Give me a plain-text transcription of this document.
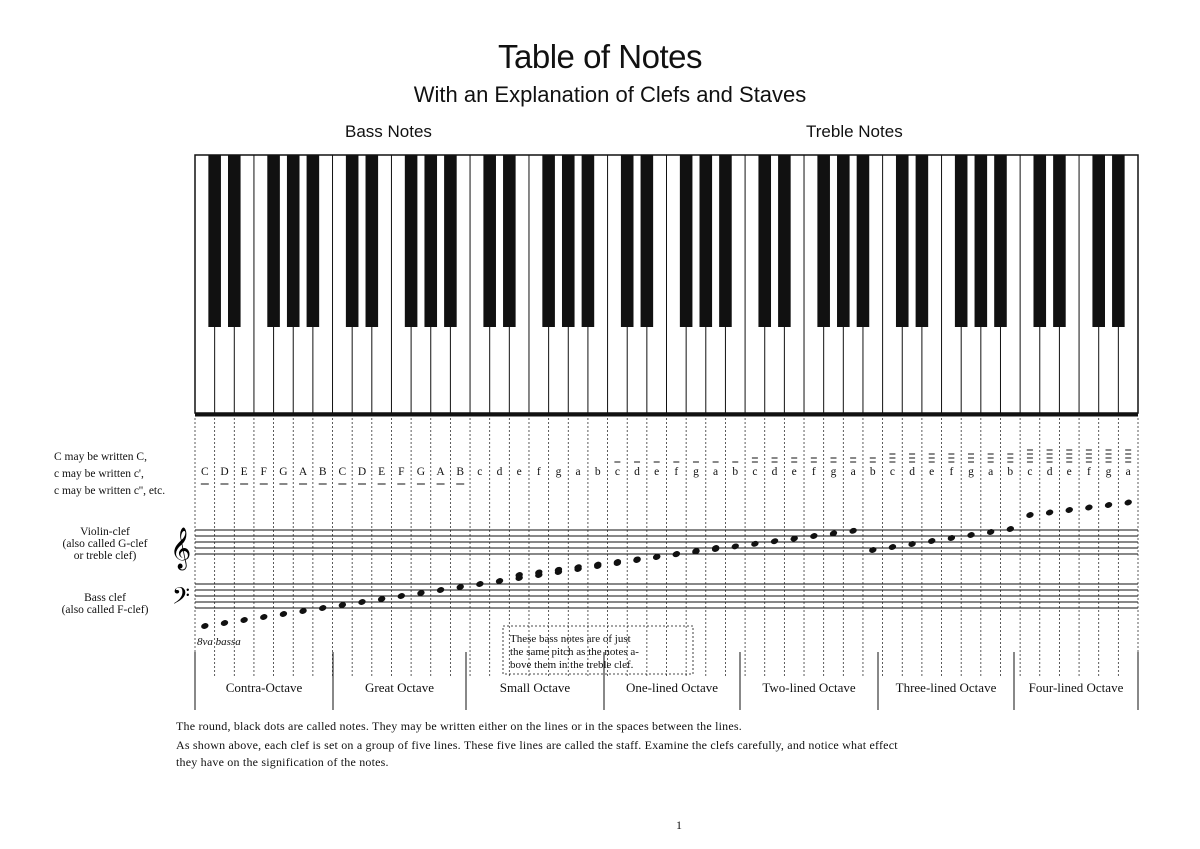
Table of Notes
With an Explanation of Clefs and Staves
Bass Notes	Treble Notes
C may be written C,
c may be written c',
c may be written c'', etc.
Violin-clef
(also called G-clef
or treble clef)
Bass clef
(also called F-clef)
C	D	E	F	G A	B	C	D	E	F	G A	B	c	d	e	f	g	a	b	c	d	e	f	g	a	b	c	d	e	f	g	a	b	c	d	e	f	g	a	b	c	d	e	f	g	a
𝄞
𝄢
8va bassa	These bass notes are of just
the same pitch as the notes a-
bove them in the treble clef.
Contra-Octave	Great Octave	Small Octave	One-lined Octave	Two-lined Octave	Three-lined Octave	Four-lined Octave
The round, black dots are called notes. They may be written either on the lines or in the spaces between the lines.
As shown above, each clef is set on a group of five lines. These five lines are called the staff. Examine the clefs carefully, and notice what effect
they have on the signification of the notes.
1
